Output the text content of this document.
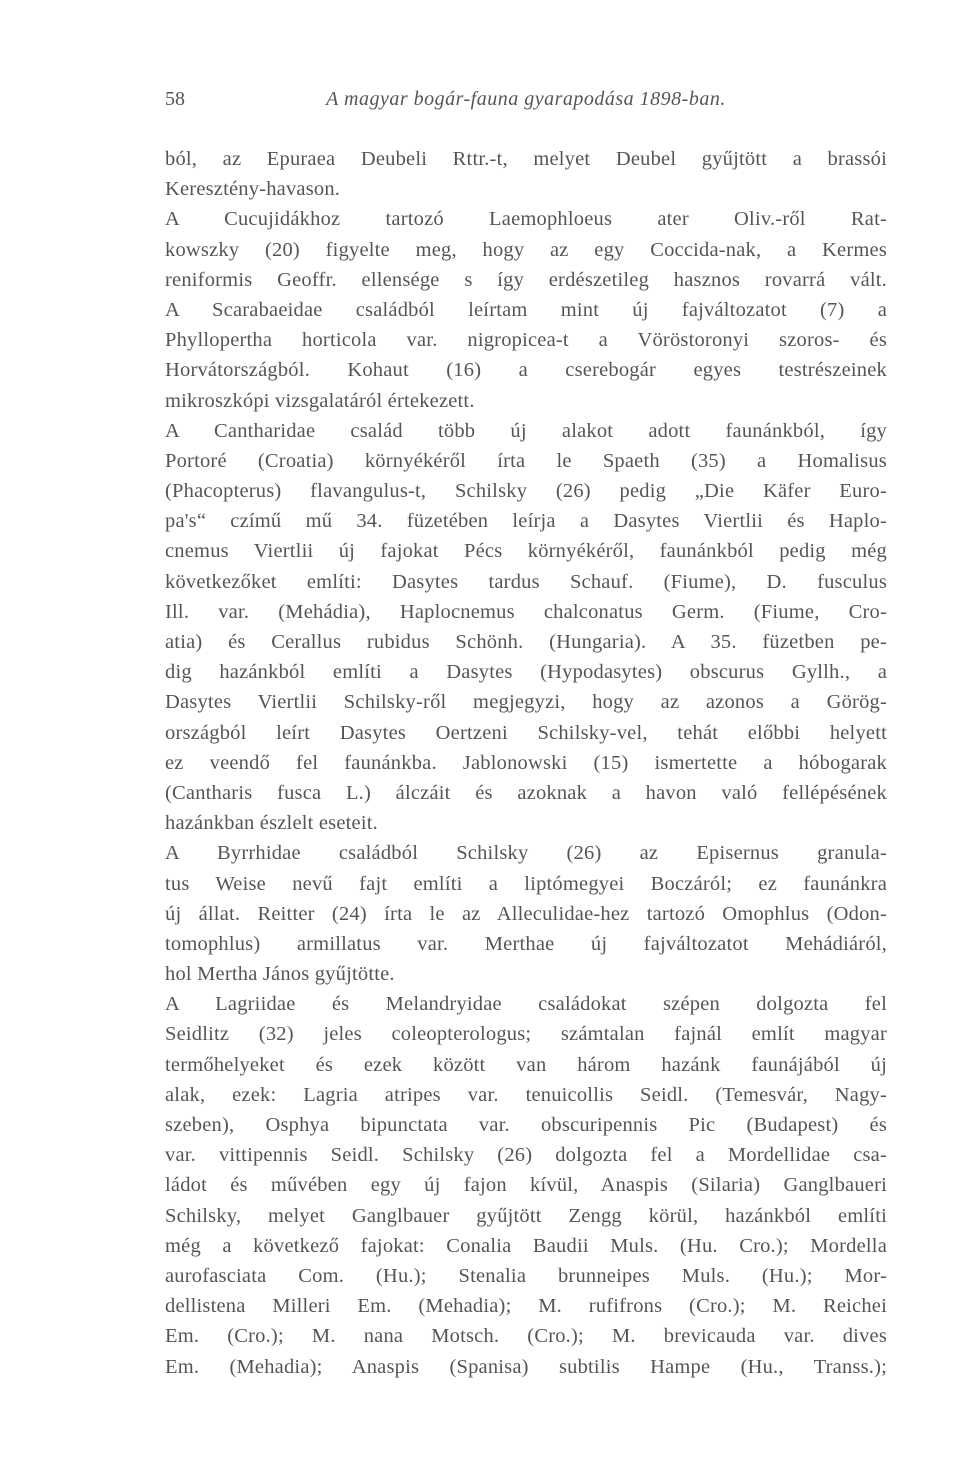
58	A magyar bogár-fauna gyarapodása 1898-ban.
ból, az Epuraea Deubeli Rttr.-t, melyet Deubel gyűjtött a brassói
Keresztény-havason.
A Cucujidákhoz tartozó Laemophloeus ater Oliv.-ről Rat-
kowszky (20) figyelte meg, hogy az egy Coccida-nak, a Kermes
reniformis Geoffr. ellensége s így erdészetileg hasznos rovarrá vált.
A Scarabaeidae családból leírtam mint új fajváltozatot (7) a
Phyllopertha horticola var. nigropicea-t a Vöröstoronyi szoros- és
Horvátországból. Kohaut (16) a cserebogár egyes testrészeinek
mikroszkópi vizsgalatáról értekezett.
A Cantharidae család több új alakot adott faunánkból, így
Portoré (Croatia) környékéről írta le Spaeth (35) a Homalisus
(Phacopterus) flavangulus-t, Schilsky (26) pedig „Die Käfer Euro-
pa's“ czímű mű 34. füzetében leírja a Dasytes Viertlii és Haplo-
cnemus Viertlii új fajokat Pécs környékéről, faunánkból pedig még
következőket említi: Dasytes tardus Schauf. (Fiume), D. fusculus
Ill. var. (Mehádia), Haplocnemus chalconatus Germ. (Fiume, Cro-
atia) és Cerallus rubidus Schönh. (Hungaria). A 35. füzetben pe-
dig hazánkból említi a Dasytes (Hypodasytes) obscurus Gyllh., a
Dasytes Viertlii Schilsky-ről megjegyzi, hogy az azonos a Görög-
országból leírt Dasytes Oertzeni Schilsky-vel, tehát előbbi helyett
ez veendő fel faunánkba. Jablonowski (15) ismertette a hóbogarak
(Cantharis fusca L.) álczáit és azoknak a havon való fellépésének
hazánkban észlelt eseteit.
A Byrrhidae családból Schilsky (26) az Episernus granula-
tus Weise nevű fajt említi a liptómegyei Boczáról; ez faunánkra
új állat. Reitter (24) írta le az Alleculidae-hez tartozó Omophlus (Odon-
tomophlus) armillatus var. Merthae új fajváltozatot Mehádiáról,
hol Mertha János gyűjtötte.
A Lagriidae és Melandryidae családokat szépen dolgozta fel
Seidlitz (32) jeles coleopterologus; számtalan fajnál említ magyar
termőhelyeket és ezek között van három hazánk faunájából új
alak, ezek: Lagria atripes var. tenuicollis Seidl. (Temesvár, Nagy-
szeben), Osphya bipunctata var. obscuripennis Pic (Budapest) és
var. vittipennis Seidl. Schilsky (26) dolgozta fel a Mordellidae csa-
ládot és művében egy új fajon kívül, Anaspis (Silaria) Ganglbaueri
Schilsky, melyet Ganglbauer gyűjtött Zengg körül, hazánkból említi
még a következő fajokat: Conalia Baudii Muls. (Hu. Cro.); Mordella
aurofasciata Com. (Hu.); Stenalia brunneipes Muls. (Hu.); Mor-
dellistena Milleri Em. (Mehadia); M. rufifrons (Cro.); M. Reichei
Em. (Cro.); M. nana Motsch. (Cro.); M. brevicauda var. dives
Em. (Mehadia); Anaspis (Spanisa) subtilis Hampe (Hu., Transs.);
